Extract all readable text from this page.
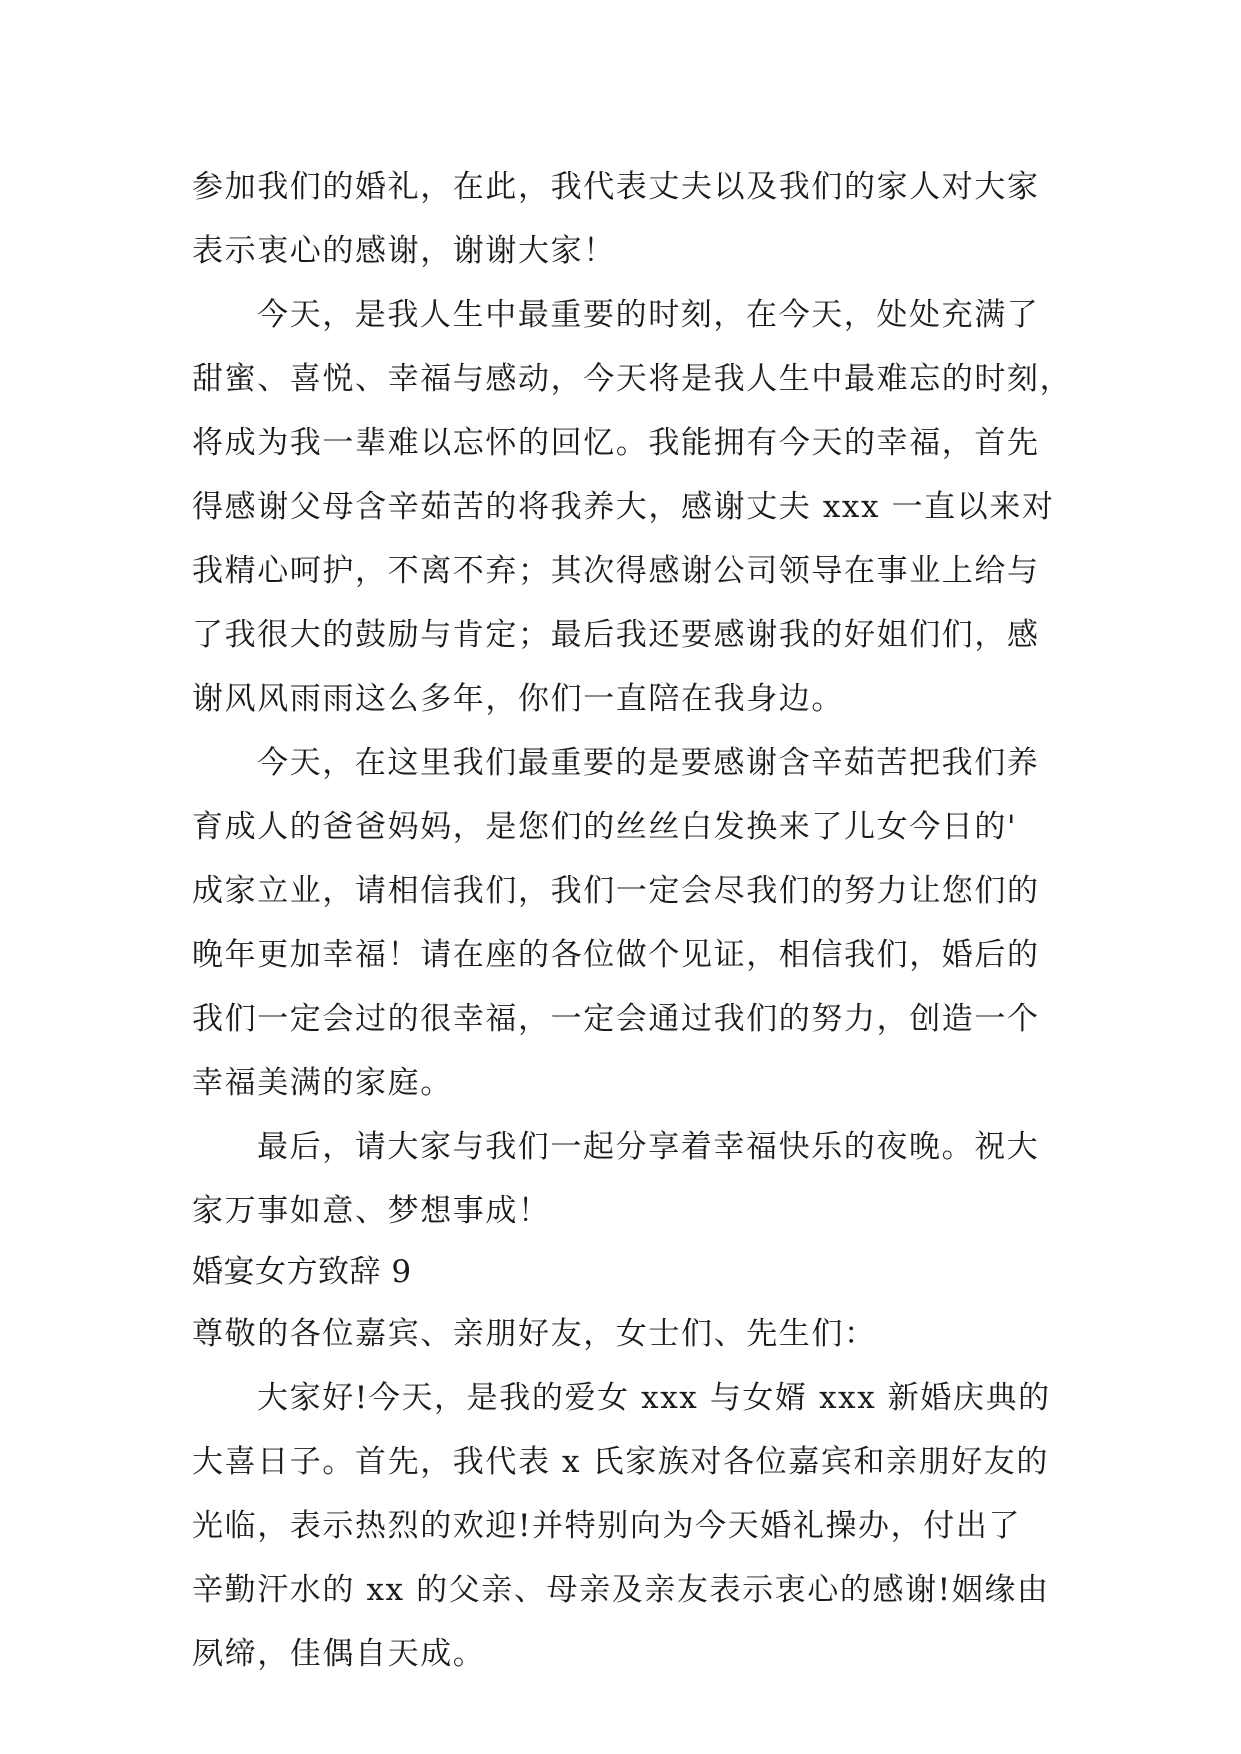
参加我们的婚礼，在此，我代表丈夫以及我们的家人对大家
表示衷心的感谢，谢谢大家！
今天，是我人生中最重要的时刻，在今天，处处充满了
甜蜜、喜悦、幸福与感动，今天将是我人生中最难忘的时刻，
将成为我一辈难以忘怀的回忆。我能拥有今天的幸福，首先
得感谢父母含辛茹苦的将我养大，感谢丈夫 xxx 一直以来对
我精心呵护，不离不弃；其次得感谢公司领导在事业上给与
了我很大的鼓励与肯定；最后我还要感谢我的好姐们们，感
谢风风雨雨这么多年，你们一直陪在我身边。
今天，在这里我们最重要的是要感谢含辛茹苦把我们养
育成人的爸爸妈妈，是您们的丝丝白发换来了儿女今日的'
成家立业，请相信我们，我们一定会尽我们的努力让您们的
晚年更加幸福！请在座的各位做个见证，相信我们，婚后的
我们一定会过的很幸福，一定会通过我们的努力，创造一个
幸福美满的家庭。
最后，请大家与我们一起分享着幸福快乐的夜晚。祝大
家万事如意、梦想事成！
婚宴女方致辞 9
尊敬的各位嘉宾、亲朋好友，女士们、先生们：
大家好!今天，是我的爱女 xxx 与女婿 xxx 新婚庆典的
大喜日子。首先，我代表 x 氏家族对各位嘉宾和亲朋好友的
光临，表示热烈的欢迎!并特别向为今天婚礼操办，付出了
辛勤汗水的 xx 的父亲、母亲及亲友表示衷心的感谢!姻缘由
夙缔，佳偶自天成。
